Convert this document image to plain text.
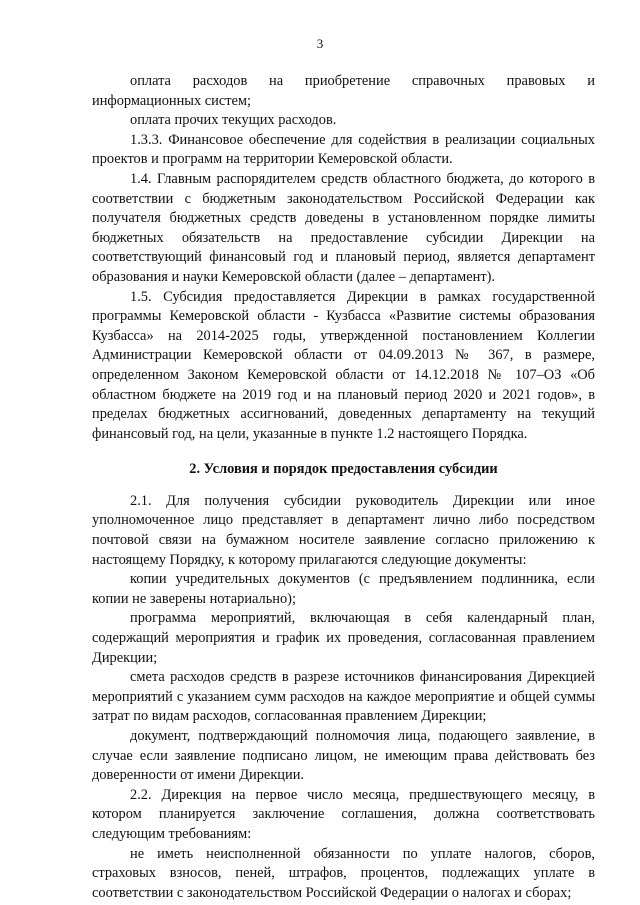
3

оплата расходов на приобретение справочных правовых и информационных систем;

оплата прочих текущих расходов.

1.3.3. Финансовое обеспечение для содействия в реализации социальных проектов и программ на территории Кемеровской области.

1.4. Главным распорядителем средств областного бюджета, до которого в соответствии с бюджетным законодательством Российской Федерации как получателя бюджетных средств доведены в установленном порядке лимиты бюджетных обязательств на предоставление субсидии Дирекции на соответствующий финансовый год и плановый период, является департамент образования и науки Кемеровской области (далее – департамент).

1.5. Субсидия предоставляется Дирекции в рамках государственной программы Кемеровской области - Кузбасса «Развитие системы образования Кузбасса» на 2014-2025 годы, утвержденной постановлением Коллегии Администрации Кемеровской области от 04.09.2013 № 367, в размере, определенном Законом Кемеровской области от 14.12.2018 № 107–ОЗ «Об областном бюджете на 2019 год и на плановый период 2020 и 2021 годов», в пределах бюджетных ассигнований, доведенных департаменту на текущий финансовый год, на цели, указанные в пункте 1.2 настоящего Порядка.

2. Условия и порядок предоставления субсидии

2.1. Для получения субсидии руководитель Дирекции или иное уполномоченное лицо представляет в департамент лично либо посредством почтовой связи на бумажном носителе заявление согласно приложению к настоящему Порядку, к которому прилагаются следующие документы:

копии учредительных документов (с предъявлением подлинника, если копии не заверены нотариально);

программа мероприятий, включающая в себя календарный план, содержащий мероприятия и график их проведения, согласованная правлением Дирекции;

смета расходов средств в разрезе источников финансирования Дирекцией мероприятий с указанием сумм расходов на каждое мероприятие и общей суммы затрат по видам расходов, согласованная правлением Дирекции;

документ, подтверждающий полномочия лица, подающего заявление, в случае если заявление подписано лицом, не имеющим права действовать без доверенности от имени Дирекции.

2.2. Дирекция на первое число месяца, предшествующего месяцу, в котором планируется заключение соглашения, должна соответствовать следующим требованиям:

не иметь неисполненной обязанности по уплате налогов, сборов, страховых взносов, пеней, штрафов, процентов, подлежащих уплате в соответствии с законодательством Российской Федерации о налогах и сборах;
